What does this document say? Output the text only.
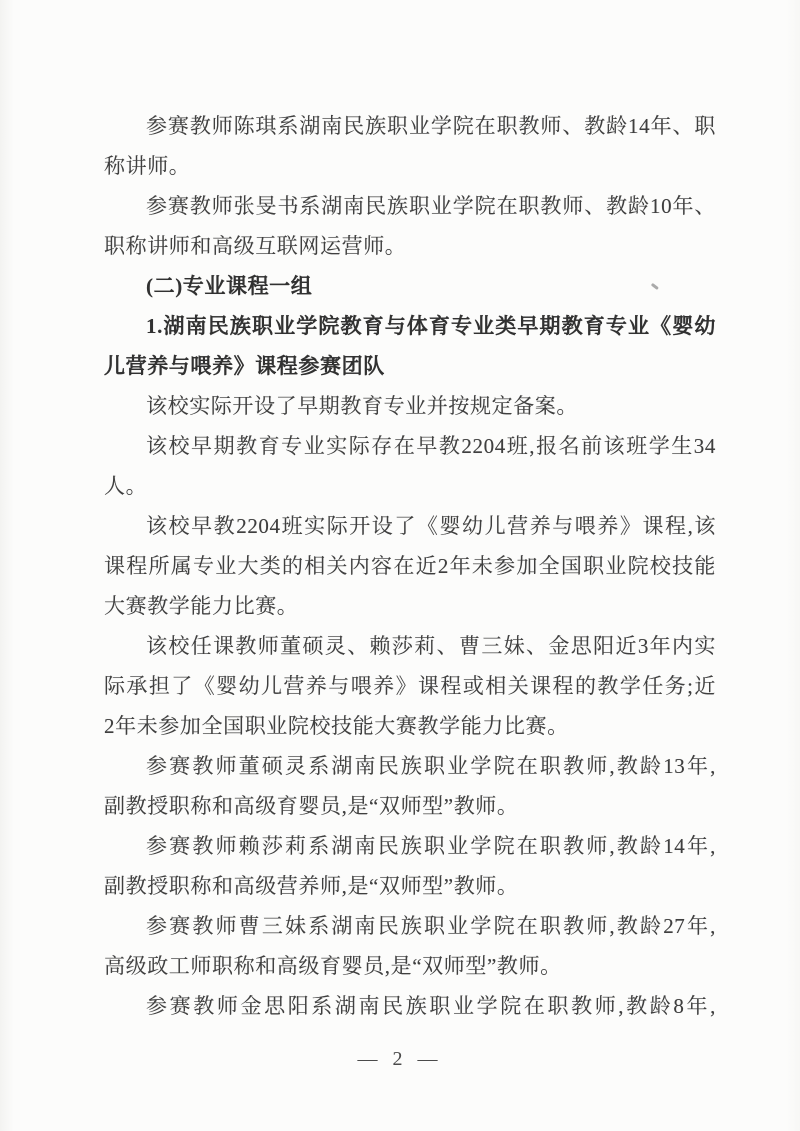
参赛教师陈琪系湖南民族职业学院在职教师、教龄14年、职
称讲师。
参赛教师张旻书系湖南民族职业学院在职教师、教龄10年、
职称讲师和高级互联网运营师。
(二)专业课程一组
1.湖南民族职业学院教育与体育专业类早期教育专业《婴幼
儿营养与喂养》课程参赛团队
该校实际开设了早期教育专业并按规定备案。
该校早期教育专业实际存在早教2204班,报名前该班学生34
人。
该校早教2204班实际开设了《婴幼儿营养与喂养》课程,该
课程所属专业大类的相关内容在近2年未参加全国职业院校技能
大赛教学能力比赛。
该校任课教师董硕灵、赖莎莉、曹三妹、金思阳近3年内实
际承担了《婴幼儿营养与喂养》课程或相关课程的教学任务;近
2年未参加全国职业院校技能大赛教学能力比赛。
参赛教师董硕灵系湖南民族职业学院在职教师,教龄13年,
副教授职称和高级育婴员,是“双师型”教师。
参赛教师赖莎莉系湖南民族职业学院在职教师,教龄14年,
副教授职称和高级营养师,是“双师型”教师。
参赛教师曹三妹系湖南民族职业学院在职教师,教龄27年,
高级政工师职称和高级育婴员,是“双师型”教师。
参赛教师金思阳系湖南民族职业学院在职教师,教龄8年,
— 2 —
